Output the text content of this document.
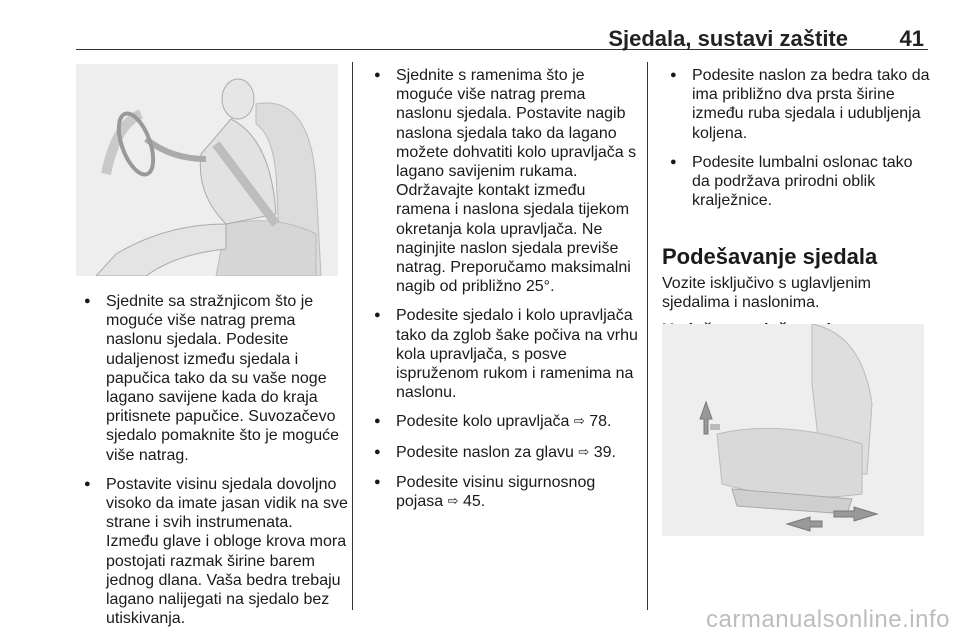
Sjedala, sustavi zaštite 41
● Sjednite sa stražnjicom što je moguće više natrag prema naslonu sjedala. Podesite udaljenost između sjedala i papučica tako da su vaše noge lagano savijene kada do kraja pritisnete papučice. Suvozačevo sjedalo pomaknite što je moguće više natrag.
● Postavite visinu sjedala dovoljno visoko da imate jasan vidik na sve strane i svih instrumenata. Između glave i obloge krova mora postojati razmak širine barem jednog dlana. Vaša bedra trebaju lagano nalijegati na sjedalo bez utiskivanja.
● Sjednite s ramenima što je moguće više natrag prema naslonu sjedala. Postavite nagib naslona sjedala tako da lagano možete dohvatiti kolo upravljača s lagano savijenim rukama. Održavajte kontakt između ramena i naslona sjedala tijekom okretanja kola upravljača. Ne naginjite naslon sjedala previše natrag. Preporučamo maksimalni nagib od približno 25°.
● Podesite sjedalo i kolo upravljača tako da zglob šake počiva na vrhu kola upravljača, s posve ispruženom rukom i ramenima na naslonu.
● Podesite kolo upravljača ⇨ 78.
● Podesite naslon za glavu ⇨ 39.
● Podesite visinu sigurnosnog pojasa ⇨ 45.
● Podesite naslon za bedra tako da ima približno dva prsta širine između ruba sjedala i udubljenja koljena.
● Podesite lumbalni oslonac tako da podržava prirodni oblik kralježnice.
Podešavanje sjedala
Vozite isključivo s uglavljenim sjedalima i naslonima.
carmanualsonline.info
